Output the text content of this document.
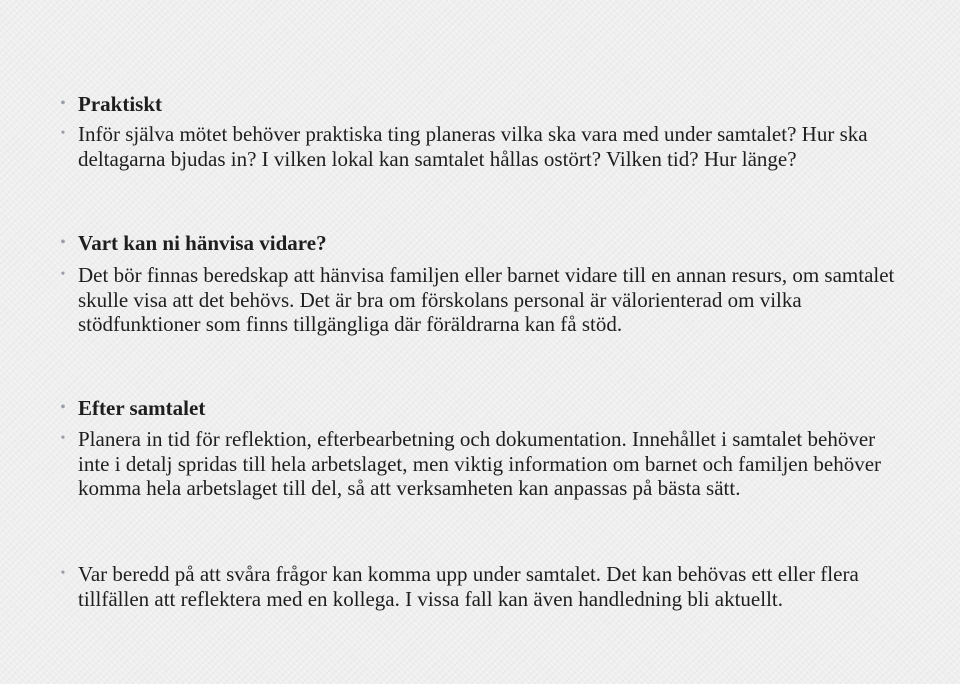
• Praktiskt
• Inför själva mötet behöver praktiska ting planeras vilka ska vara med under samtalet? Hur ska deltagarna bjudas in? I vilken lokal kan samtalet hållas ostört? Vilken tid? Hur länge?
• Vart kan ni hänvisa vidare?
• Det bör finnas beredskap att hänvisa familjen eller barnet vidare till en annan resurs, om samtalet skulle visa att det behövs. Det är bra om förskolans personal är välorienterad om vilka stödfunktioner som finns tillgängliga där föräldrarna kan få stöd.
• Efter samtalet
• Planera in tid för reflektion, efterbearbetning och dokumentation. Innehållet i samtalet behöver inte i detalj spridas till hela arbetslaget, men viktig information om barnet och familjen behöver komma hela arbetslaget till del, så att verksamheten kan anpassas på bästa sätt.
• Var beredd på att svåra frågor kan komma upp under samtalet. Det kan behövas ett eller flera tillfällen att reflektera med en kollega. I vissa fall kan även handledning bli aktuellt.
